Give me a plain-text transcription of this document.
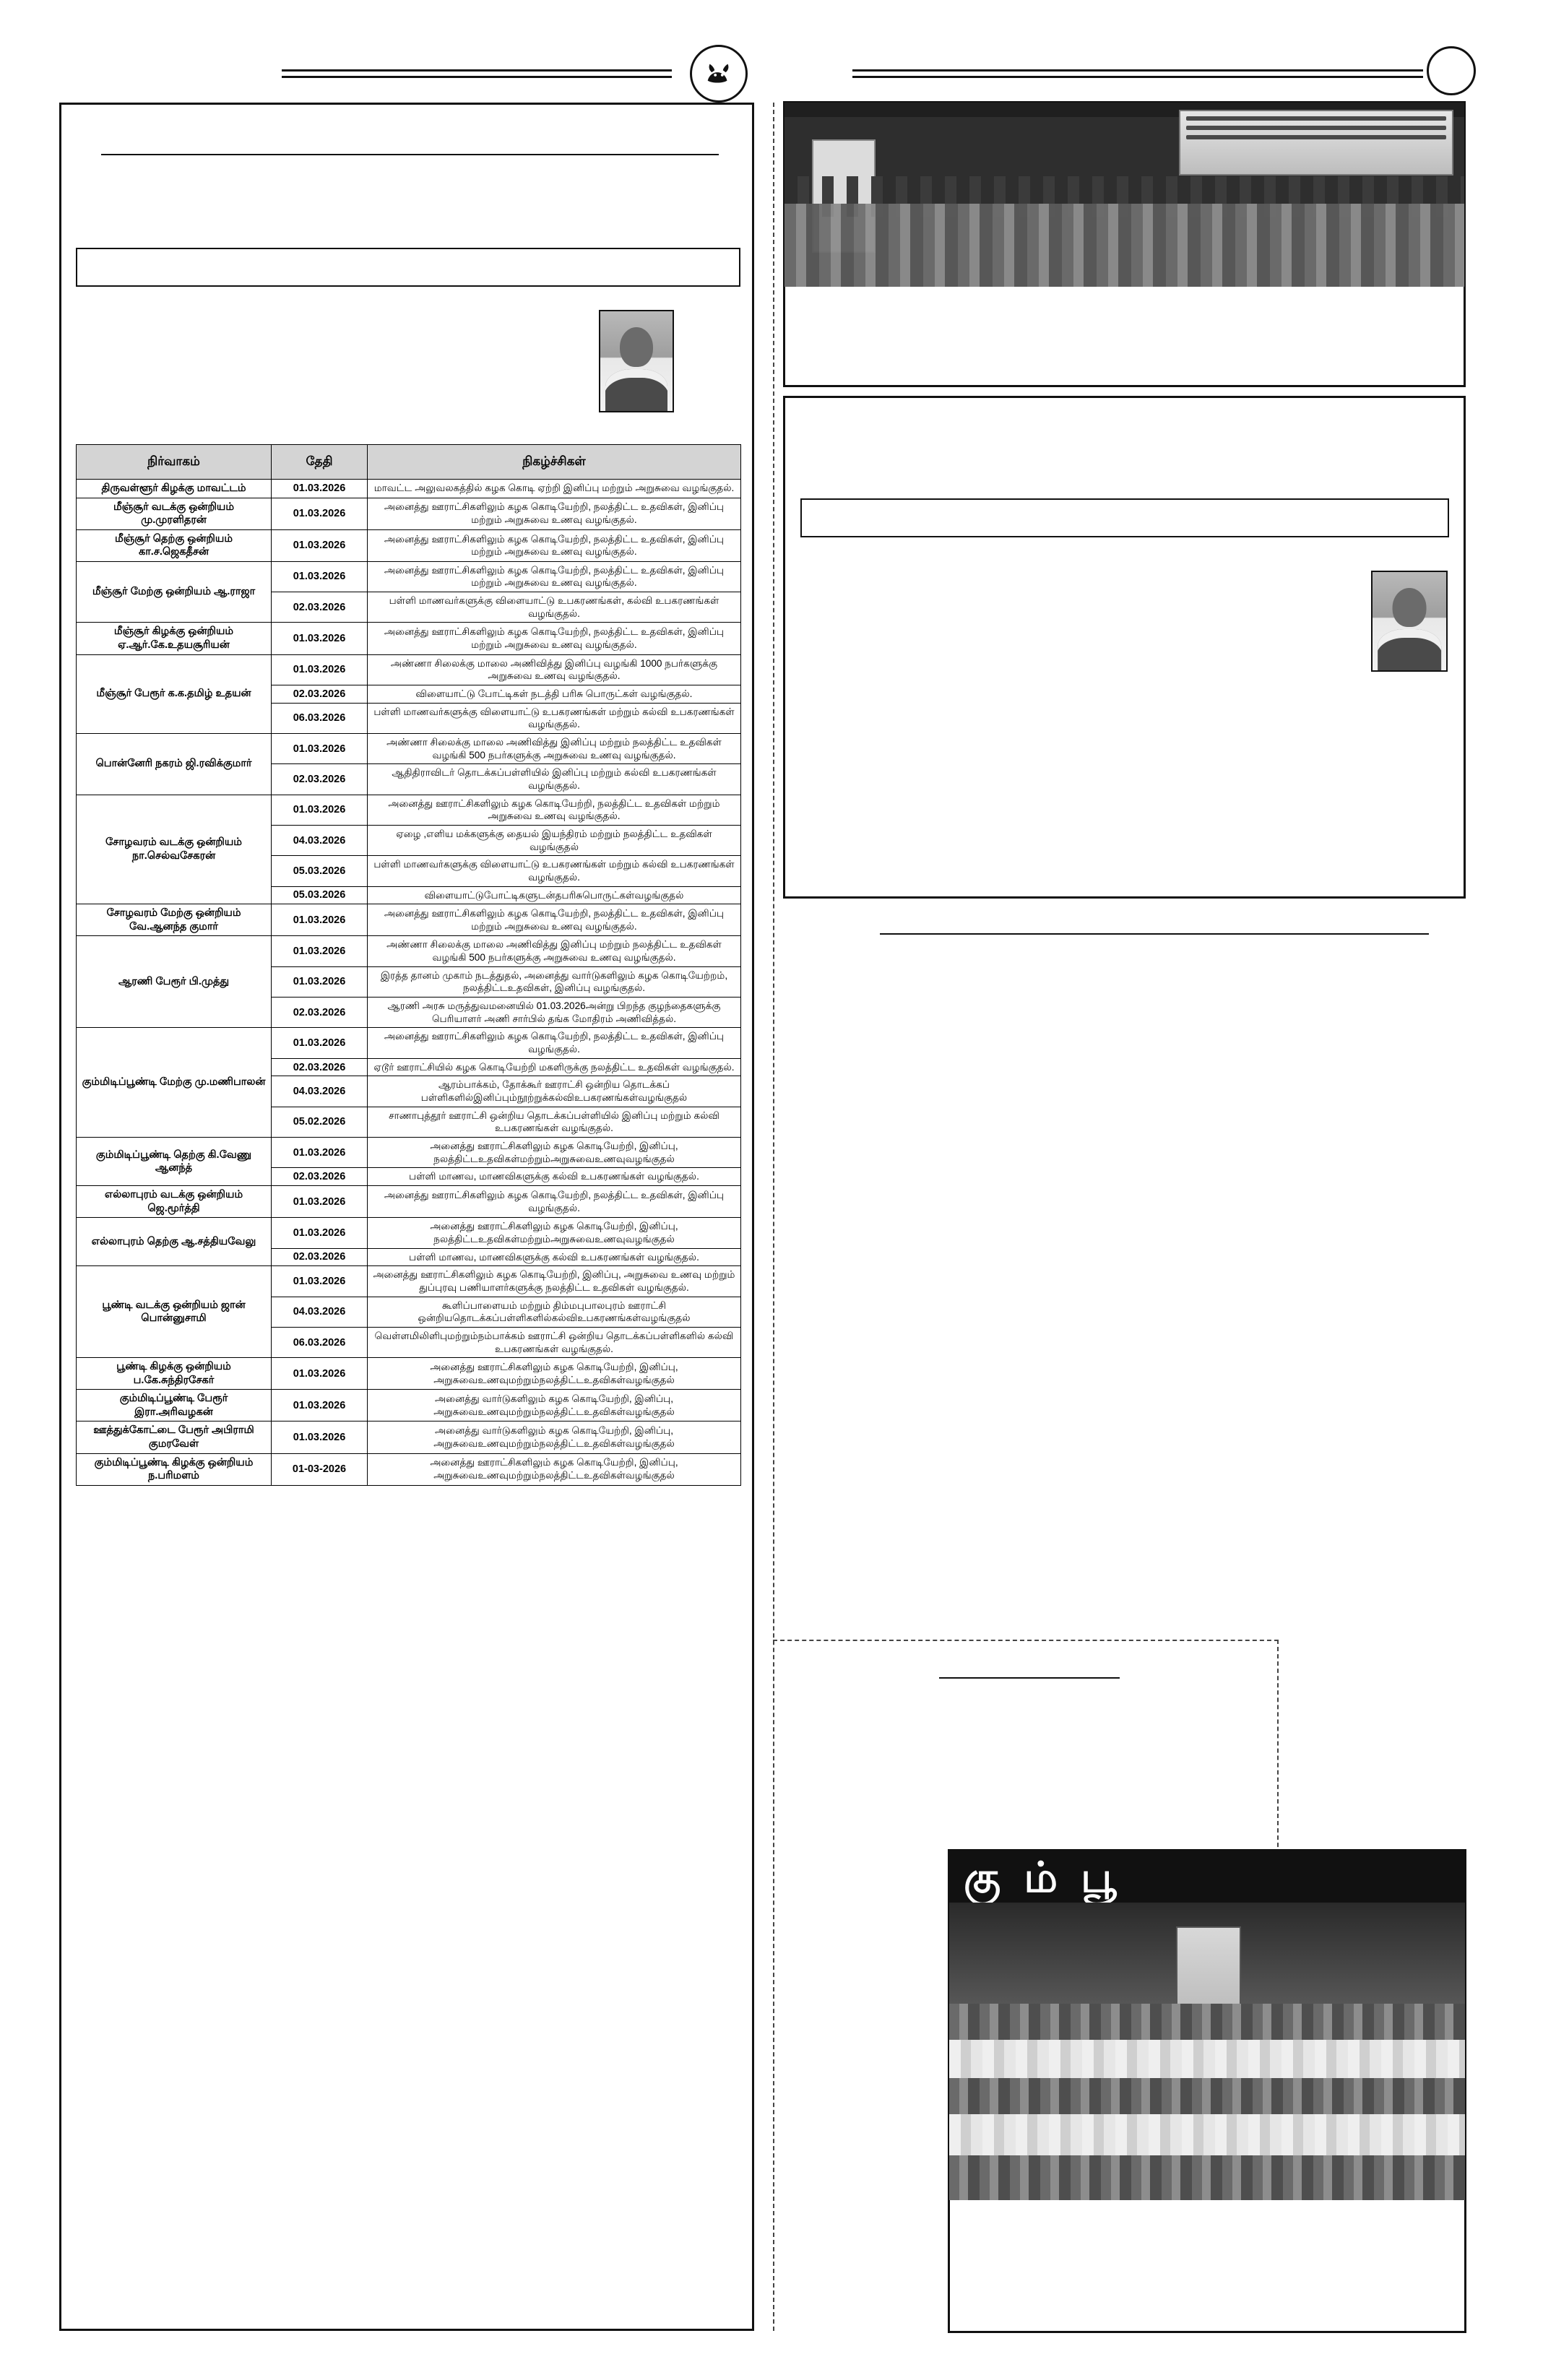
நிர்வாகம்	தேதி	நிகழ்ச்சிகள்
திருவள்ளூர் கிழக்கு மாவட்டம்	01.03.2026	மாவட்ட அலுவலகத்தில் கழக கொடி ஏற்றி இனிப்பு மற்றும் அறுசுவை வழங்குதல்.
மீஞ்சூர் வடக்கு ஒன்றியம் மு.முரளிதரன்	01.03.2026	அனைத்து ஊராட்சிகளிலும் கழக கொடியேற்றி, நலத்திட்ட உதவிகள், இனிப்பு மற்றும் அறுசுவை உணவு வழங்குதல்.
மீஞ்சூர் தெற்கு ஒன்றியம் கா.ச.ஜெகதீசன்	01.03.2026	அனைத்து ஊராட்சிகளிலும் கழக கொடியேற்றி, நலத்திட்ட உதவிகள், இனிப்பு மற்றும் அறுசுவை உணவு வழங்குதல்.
மீஞ்சூர் மேற்கு ஒன்றியம் ஆ.ராஜா	01.03.2026	அனைத்து ஊராட்சிகளிலும் கழக கொடியேற்றி, நலத்திட்ட உதவிகள், இனிப்பு மற்றும் அறுசுவை உணவு வழங்குதல்.
	02.03.2026	பள்ளி மாணவர்களுக்கு விளையாட்டு உபகரணங்கள், கல்வி உபகரணங்கள் வழங்குதல்.
மீஞ்சூர் கிழக்கு ஒன்றியம் ஏ.ஆர்.கே.உதயசூரியன்	01.03.2026	அனைத்து ஊராட்சிகளிலும் கழக கொடியேற்றி, நலத்திட்ட உதவிகள், இனிப்பு மற்றும் அறுசுவை உணவு வழங்குதல்.
மீஞ்சூர் பேரூர் க.க.தமிழ் உதயன்	01.03.2026	அண்ணா சிலைக்கு மாலை அணிவித்து இனிப்பு வழங்கி 1000 நபர்களுக்கு அறுசுவை உணவு வழங்குதல்.
	02.03.2026	விளையாட்டு போட்டிகள் நடத்தி பரிசு பொருட்கள் வழங்குதல்.
	06.03.2026	பள்ளி மாணவர்களுக்கு விளையாட்டு உபகரணங்கள் மற்றும் கல்வி உபகரணங்கள் வழங்குதல்.
பொன்னேரி நகரம் ஜி.ரவிக்குமார்	01.03.2026	அண்ணா சிலைக்கு மாலை அணிவித்து இனிப்பு மற்றும் நலத்திட்ட உதவிகள் வழங்கி 500 நபர்களுக்கு அறுசுவை உணவு வழங்குதல்.
	02.03.2026	ஆதிதிராவிடர் தொடக்கப்பள்ளியில் இனிப்பு மற்றும் கல்வி உபகரணங்கள் வழங்குதல்.
சோழவரம் வடக்கு ஒன்றியம் நா.செல்வசேகரன்	01.03.2026	அனைத்து ஊராட்சிகளிலும் கழக கொடியேற்றி, நலத்திட்ட உதவிகள் மற்றும் அறுசுவை உணவு வழங்குதல்.
	04.03.2026	ஏழை ,எளிய மக்களுக்கு தையல் இயந்திரம் மற்றும் நலத்திட்ட உதவிகள் வழங்குதல்
	05.03.2026	பள்ளி மாணவர்களுக்கு விளையாட்டு உபகரணங்கள் மற்றும் கல்வி உபகரணங்கள் வழங்குதல்.
	05.03.2026	விளையாட்டுபோட்டிகளுடன்தபரிசுபொருட்கள்வழங்குதல்
சோழவரம் மேற்கு ஒன்றியம் வே.ஆனந்த குமார்	01.03.2026	அனைத்து ஊராட்சிகளிலும் கழக கொடியேற்றி, நலத்திட்ட உதவிகள், இனிப்பு மற்றும் அறுசுவை உணவு வழங்குதல்.
ஆரணி பேரூர் பி.முத்து	01.03.2026	அண்ணா சிலைக்கு மாலை அணிவித்து இனிப்பு மற்றும் நலத்திட்ட உதவிகள் வழங்கி 500 நபர்களுக்கு அறுசுவை உணவு வழங்குதல்.
	01.03.2026	இரத்த தானம் முகாம் நடத்துதல், அனைத்து வார்டுகளிலும் கழக கொடியேற்றம், நலத்திட்டஉதவிகள், இனிப்பு வழங்குதல்.
	02.03.2026	ஆரணி அரசு மருத்துவமனையில் 01.03.2026அன்று பிறந்த குழந்தைகளுக்கு பெரியாளர் அணி சார்பில் தங்க மோதிரம் அணிவித்தல்.
கும்மிடிப்பூண்டி மேற்கு மு.மணிபாலன்	01.03.2026	அனைத்து ஊராட்சிகளிலும் கழக கொடியேற்றி, நலத்திட்ட உதவிகள், இனிப்பு வழங்குதல்.
	02.03.2026	ஏடூர் ஊராட்சியில் கழக கொடியேற்றி மகளிருக்கு நலத்திட்ட உதவிகள் வழங்குதல்.
	04.03.2026	ஆரம்பாக்கம், தோக்கூர் ஊராட்சி ஒன்றிய தொடக்கப் பள்ளிகளில்இனிப்பும்நூற்றுக்கல்விஉபகரணங்கள்வழங்குதல்
	05.02.2026	சாணாபுத்தூர் ஊராட்சி ஒன்றிய தொடக்கப்பள்ளியில் இனிப்பு மற்றும் கல்வி உபகரணங்கள் வழங்குதல்.
கும்மிடிப்பூண்டி தெற்கு கி.வேணு ஆனந்த்	01.03.2026	அனைத்து ஊராட்சிகளிலும் கழக கொடியேற்றி, இனிப்பு, நலத்திட்டஉதவிகள்மற்றும்அறுசுவைஉணவுவழங்குதல்
	02.03.2026	பள்ளி மாணவ, மாணவிகளுக்கு கல்வி உபகரணங்கள் வழங்குதல்.
எல்லாபுரம் வடக்கு ஒன்றியம் ஜெ.மூர்த்தி	01.03.2026	அனைத்து ஊராட்சிகளிலும் கழக கொடியேற்றி, நலத்திட்ட உதவிகள், இனிப்பு வழங்குதல்.
எல்லாபுரம் தெற்கு ஆ.சத்தியவேலு	01.03.2026	அனைத்து ஊராட்சிகளிலும் கழக கொடியேற்றி, இனிப்பு, நலத்திட்டஉதவிகள்மற்றும்அறுசுவைஉணவுவழங்குதல்
	02.03.2026	பள்ளி மாணவ, மாணவிகளுக்கு கல்வி உபகரணங்கள் வழங்குதல்.
பூண்டி வடக்கு ஒன்றியம் ஜான் பொன்னுசாமி	01.03.2026	அனைத்து ஊராட்சிகளிலும் கழக கொடியேற்றி, இனிப்பு, அறுசுவை உணவு மற்றும் துப்புரவு பணியாளர்களுக்கு நலத்திட்ட உதவிகள் வழங்குதல்.
	04.03.2026	கூளிப்பாளையம் மற்றும் திம்மபுபாலபுரம் ஊராட்சி ஒன்றியதொடக்கப்பள்ளிகளில்கல்விஉபகரணங்கள்வழங்குதல்
	06.03.2026	வெள்ளமிலிளிபுமற்றும்நம்பாக்கம் ஊராட்சி ஒன்றிய தொடக்கப்பள்ளிகளில் கல்வி உபகரணங்கள் வழங்குதல்.
பூண்டி கிழக்கு ஒன்றியம் ப.கே.சுந்திரசேகர்	01.03.2026	அனைத்து ஊராட்சிகளிலும் கழக கொடியேற்றி, இனிப்பு, அறுசுவைஉணவுமற்றும்நலத்திட்டஉதவிகள்வழங்குதல்
கும்மிடிப்பூண்டி பேரூர் இரா.அரிவழகன்	01.03.2026	அனைத்து வார்டுகளிலும் கழக கொடியேற்றி, இனிப்பு, அறுசுவைஉணவுமற்றும்நலத்திட்டஉதவிகள்வழங்குதல்
ஊத்துக்கோட்டை பேரூர் அபிராமி குமரவேள்	01.03.2026	அனைத்து வார்டுகளிலும் கழக கொடியேற்றி, இனிப்பு, அறுசுவைஉணவுமற்றும்நலத்திட்டஉதவிகள்வழங்குதல்
கும்மிடிப்பூண்டி கிழக்கு ஒன்றியம் ந.பரிமளம்	01-03-2026	அனைத்து ஊராட்சிகளிலும் கழக கொடியேற்றி, இனிப்பு, அறுசுவைஉணவுமற்றும்நலத்திட்டஉதவிகள்வழங்குதல்
கு ம் பூ
